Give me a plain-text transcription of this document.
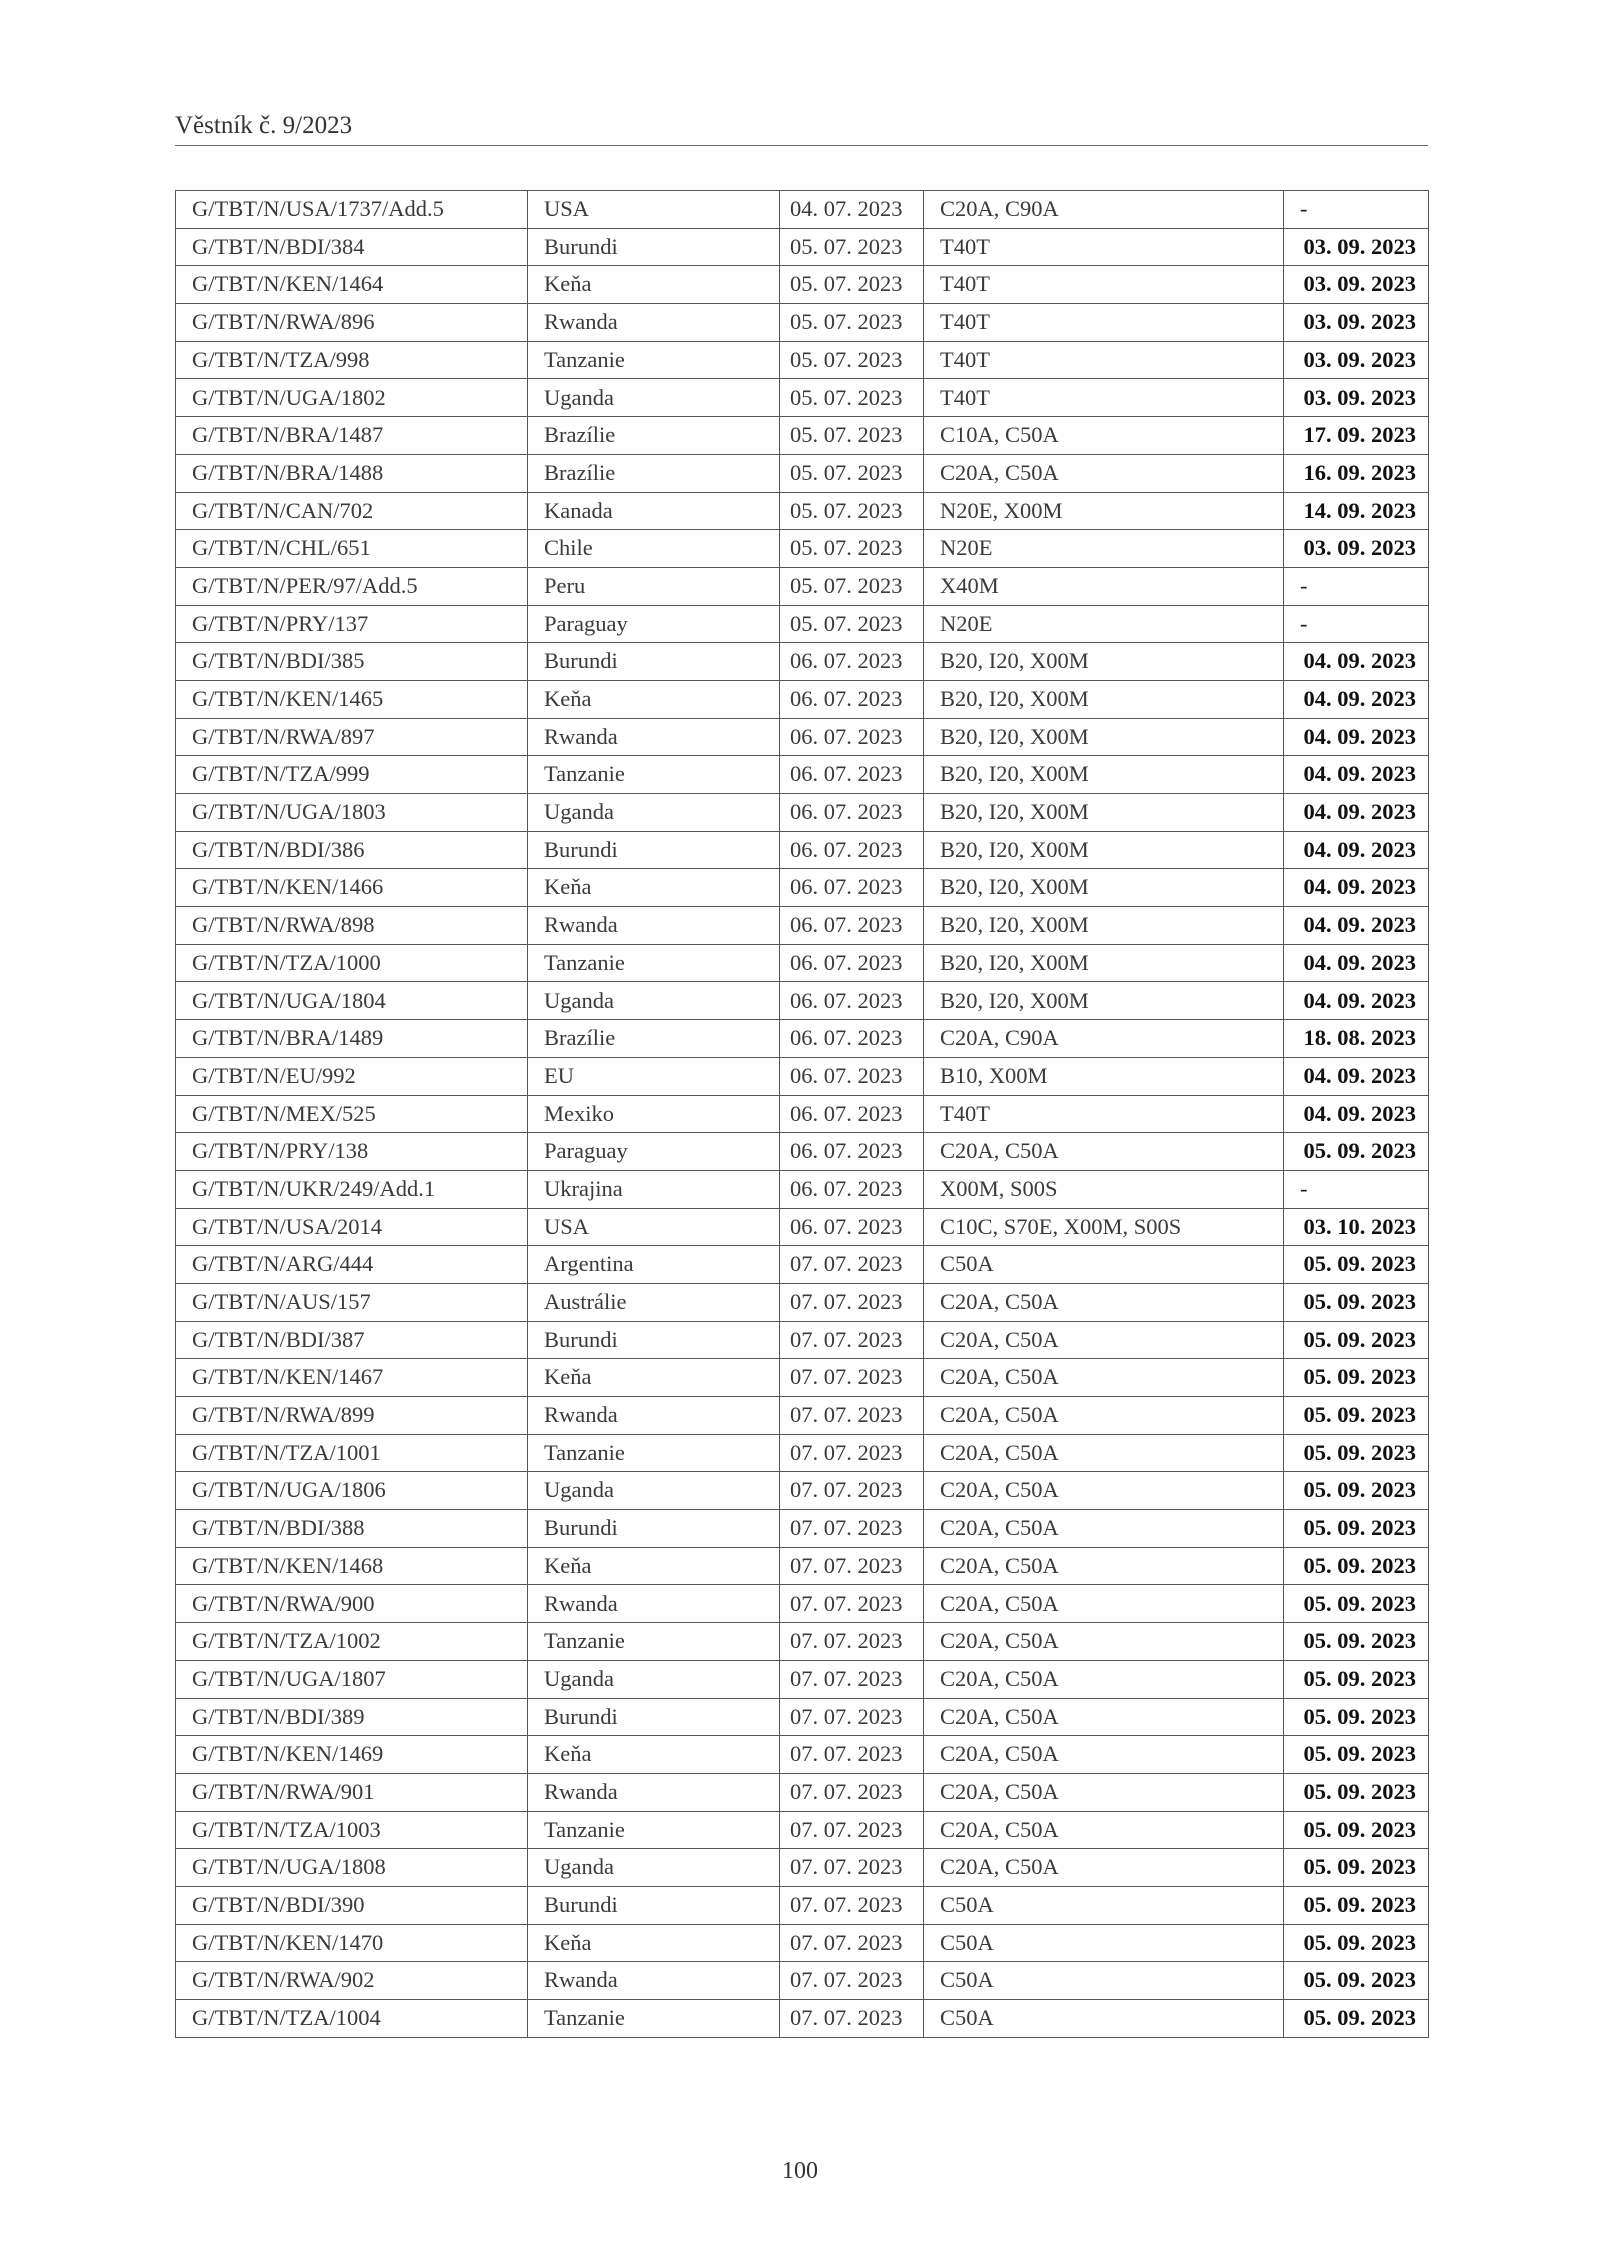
Věstník č. 9/2023
G/TBT/N/USA/1737/Add.5	USA	04. 07. 2023	C20A, C90A	-
G/TBT/N/BDI/384	Burundi	05. 07. 2023	T40T	03. 09. 2023
G/TBT/N/KEN/1464	Keňa	05. 07. 2023	T40T	03. 09. 2023
G/TBT/N/RWA/896	Rwanda	05. 07. 2023	T40T	03. 09. 2023
G/TBT/N/TZA/998	Tanzanie	05. 07. 2023	T40T	03. 09. 2023
G/TBT/N/UGA/1802	Uganda	05. 07. 2023	T40T	03. 09. 2023
G/TBT/N/BRA/1487	Brazílie	05. 07. 2023	C10A, C50A	17. 09. 2023
G/TBT/N/BRA/1488	Brazílie	05. 07. 2023	C20A, C50A	16. 09. 2023
G/TBT/N/CAN/702	Kanada	05. 07. 2023	N20E, X00M	14. 09. 2023
G/TBT/N/CHL/651	Chile	05. 07. 2023	N20E	03. 09. 2023
G/TBT/N/PER/97/Add.5	Peru	05. 07. 2023	X40M	-
G/TBT/N/PRY/137	Paraguay	05. 07. 2023	N20E	-
G/TBT/N/BDI/385	Burundi	06. 07. 2023	B20, I20, X00M	04. 09. 2023
G/TBT/N/KEN/1465	Keňa	06. 07. 2023	B20, I20, X00M	04. 09. 2023
G/TBT/N/RWA/897	Rwanda	06. 07. 2023	B20, I20, X00M	04. 09. 2023
G/TBT/N/TZA/999	Tanzanie	06. 07. 2023	B20, I20, X00M	04. 09. 2023
G/TBT/N/UGA/1803	Uganda	06. 07. 2023	B20, I20, X00M	04. 09. 2023
G/TBT/N/BDI/386	Burundi	06. 07. 2023	B20, I20, X00M	04. 09. 2023
G/TBT/N/KEN/1466	Keňa	06. 07. 2023	B20, I20, X00M	04. 09. 2023
G/TBT/N/RWA/898	Rwanda	06. 07. 2023	B20, I20, X00M	04. 09. 2023
G/TBT/N/TZA/1000	Tanzanie	06. 07. 2023	B20, I20, X00M	04. 09. 2023
G/TBT/N/UGA/1804	Uganda	06. 07. 2023	B20, I20, X00M	04. 09. 2023
G/TBT/N/BRA/1489	Brazílie	06. 07. 2023	C20A, C90A	18. 08. 2023
G/TBT/N/EU/992	EU	06. 07. 2023	B10, X00M	04. 09. 2023
G/TBT/N/MEX/525	Mexiko	06. 07. 2023	T40T	04. 09. 2023
G/TBT/N/PRY/138	Paraguay	06. 07. 2023	C20A, C50A	05. 09. 2023
G/TBT/N/UKR/249/Add.1	Ukrajina	06. 07. 2023	X00M, S00S	-
G/TBT/N/USA/2014	USA	06. 07. 2023	C10C, S70E, X00M, S00S	03. 10. 2023
G/TBT/N/ARG/444	Argentina	07. 07. 2023	C50A	05. 09. 2023
G/TBT/N/AUS/157	Austrálie	07. 07. 2023	C20A, C50A	05. 09. 2023
G/TBT/N/BDI/387	Burundi	07. 07. 2023	C20A, C50A	05. 09. 2023
G/TBT/N/KEN/1467	Keňa	07. 07. 2023	C20A, C50A	05. 09. 2023
G/TBT/N/RWA/899	Rwanda	07. 07. 2023	C20A, C50A	05. 09. 2023
G/TBT/N/TZA/1001	Tanzanie	07. 07. 2023	C20A, C50A	05. 09. 2023
G/TBT/N/UGA/1806	Uganda	07. 07. 2023	C20A, C50A	05. 09. 2023
G/TBT/N/BDI/388	Burundi	07. 07. 2023	C20A, C50A	05. 09. 2023
G/TBT/N/KEN/1468	Keňa	07. 07. 2023	C20A, C50A	05. 09. 2023
G/TBT/N/RWA/900	Rwanda	07. 07. 2023	C20A, C50A	05. 09. 2023
G/TBT/N/TZA/1002	Tanzanie	07. 07. 2023	C20A, C50A	05. 09. 2023
G/TBT/N/UGA/1807	Uganda	07. 07. 2023	C20A, C50A	05. 09. 2023
G/TBT/N/BDI/389	Burundi	07. 07. 2023	C20A, C50A	05. 09. 2023
G/TBT/N/KEN/1469	Keňa	07. 07. 2023	C20A, C50A	05. 09. 2023
G/TBT/N/RWA/901	Rwanda	07. 07. 2023	C20A, C50A	05. 09. 2023
G/TBT/N/TZA/1003	Tanzanie	07. 07. 2023	C20A, C50A	05. 09. 2023
G/TBT/N/UGA/1808	Uganda	07. 07. 2023	C20A, C50A	05. 09. 2023
G/TBT/N/BDI/390	Burundi	07. 07. 2023	C50A	05. 09. 2023
G/TBT/N/KEN/1470	Keňa	07. 07. 2023	C50A	05. 09. 2023
G/TBT/N/RWA/902	Rwanda	07. 07. 2023	C50A	05. 09. 2023
G/TBT/N/TZA/1004	Tanzanie	07. 07. 2023	C50A	05. 09. 2023
100
